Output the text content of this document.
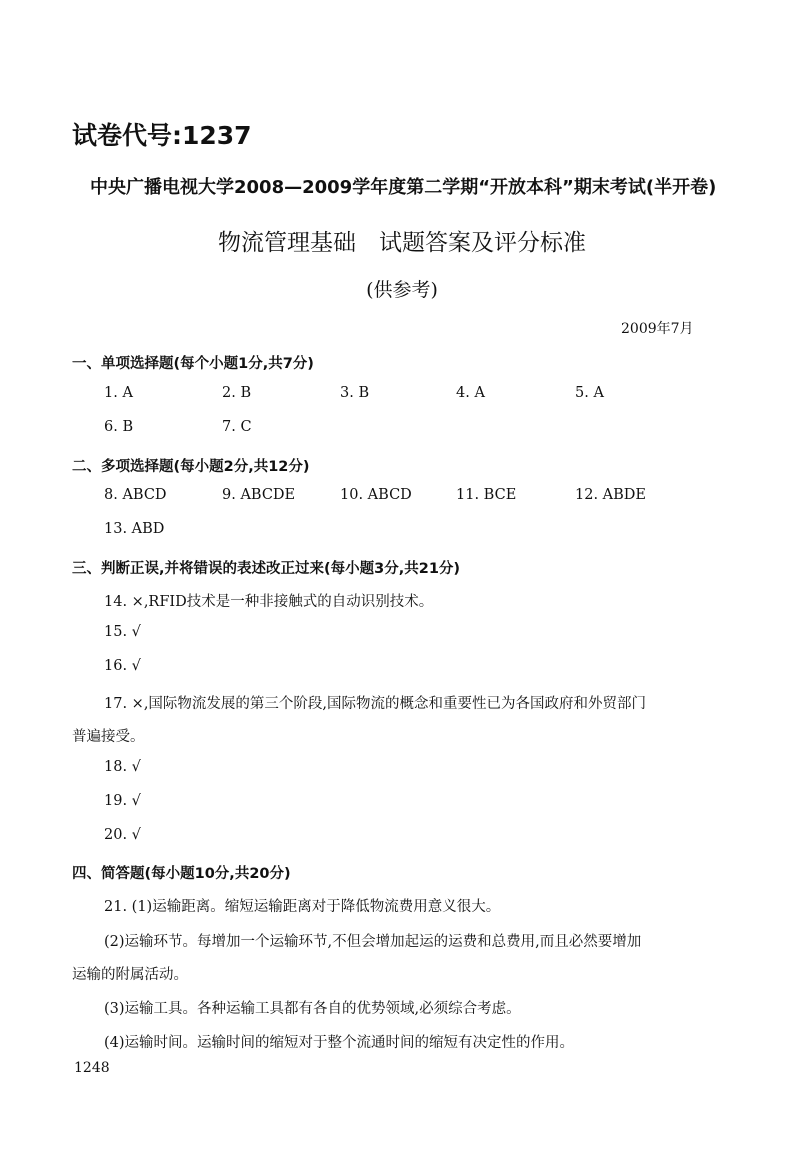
试卷代号:1237
中央广播电视大学2008—2009学年度第二学期“开放本科”期末考试(半开卷)
物流管理基础　试题答案及评分标准
(供参考)
2009年7月
一、单项选择题(每个小题1分,共7分)
1. A	2. B	3. B	4. A	5. A
6. B	7. C
二、多项选择题(每小题2分,共12分)
8. ABCD	9. ABCDE	10. ABCD	11. BCE	12. ABDE
13. ABD
三、判断正误,并将错误的表述改正过来(每小题3分,共21分)
14. ×,RFID技术是一种非接触式的自动识别技术。
15. √
16. √
17. ×,国际物流发展的第三个阶段,国际物流的概念和重要性已为各国政府和外贸部门
普遍接受。
18. √
19. √
20. √
四、简答题(每小题10分,共20分)
21. (1)运输距离。缩短运输距离对于降低物流费用意义很大。
(2)运输环节。每增加一个运输环节,不但会增加起运的运费和总费用,而且必然要增加
运输的附属活动。
(3)运输工具。各种运输工具都有各自的优势领域,必须综合考虑。
(4)运输时间。运输时间的缩短对于整个流通时间的缩短有决定性的作用。
1248
